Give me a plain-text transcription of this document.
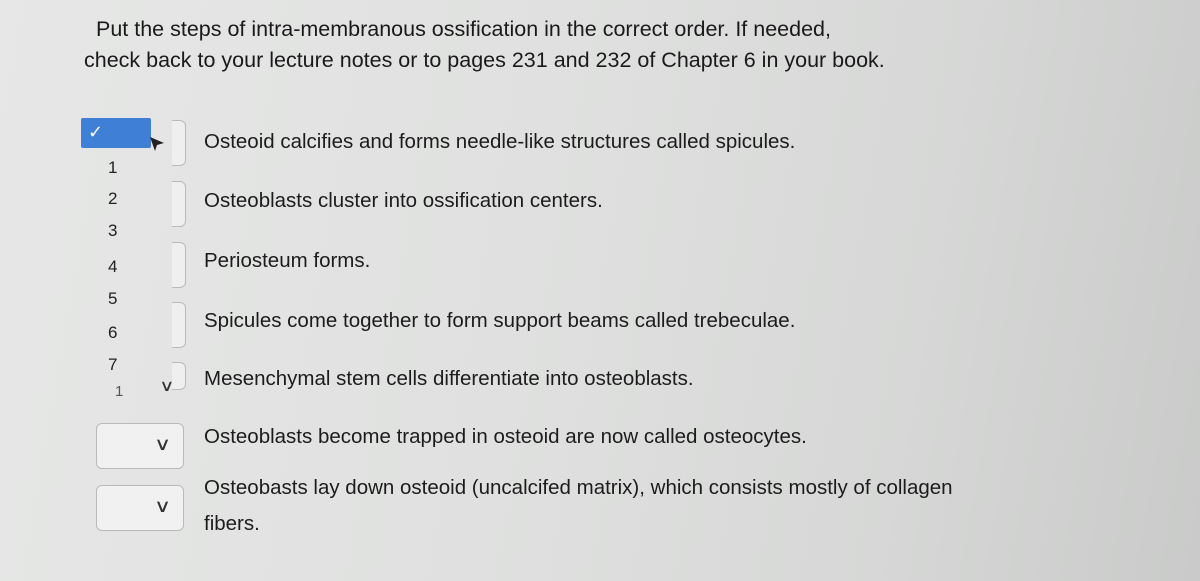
Put the steps of intra-membranous ossification in the correct order. If needed,
check back to your lecture notes or to pages 231 and 232 of Chapter 6 in your book.

✓
1
2
3
4
5
6
7
1 ∨
∨
∨
Osteoid calcifies and forms needle-like structures called spicules.
Osteoblasts cluster into ossification centers.
Periosteum forms.
Spicules come together to form support beams called trebeculae.
Mesenchymal stem cells differentiate into osteoblasts.
Osteoblasts become trapped in osteoid are now called osteocytes.
Osteobasts lay down osteoid (uncalcifed matrix), which consists mostly of collagen fibers.
